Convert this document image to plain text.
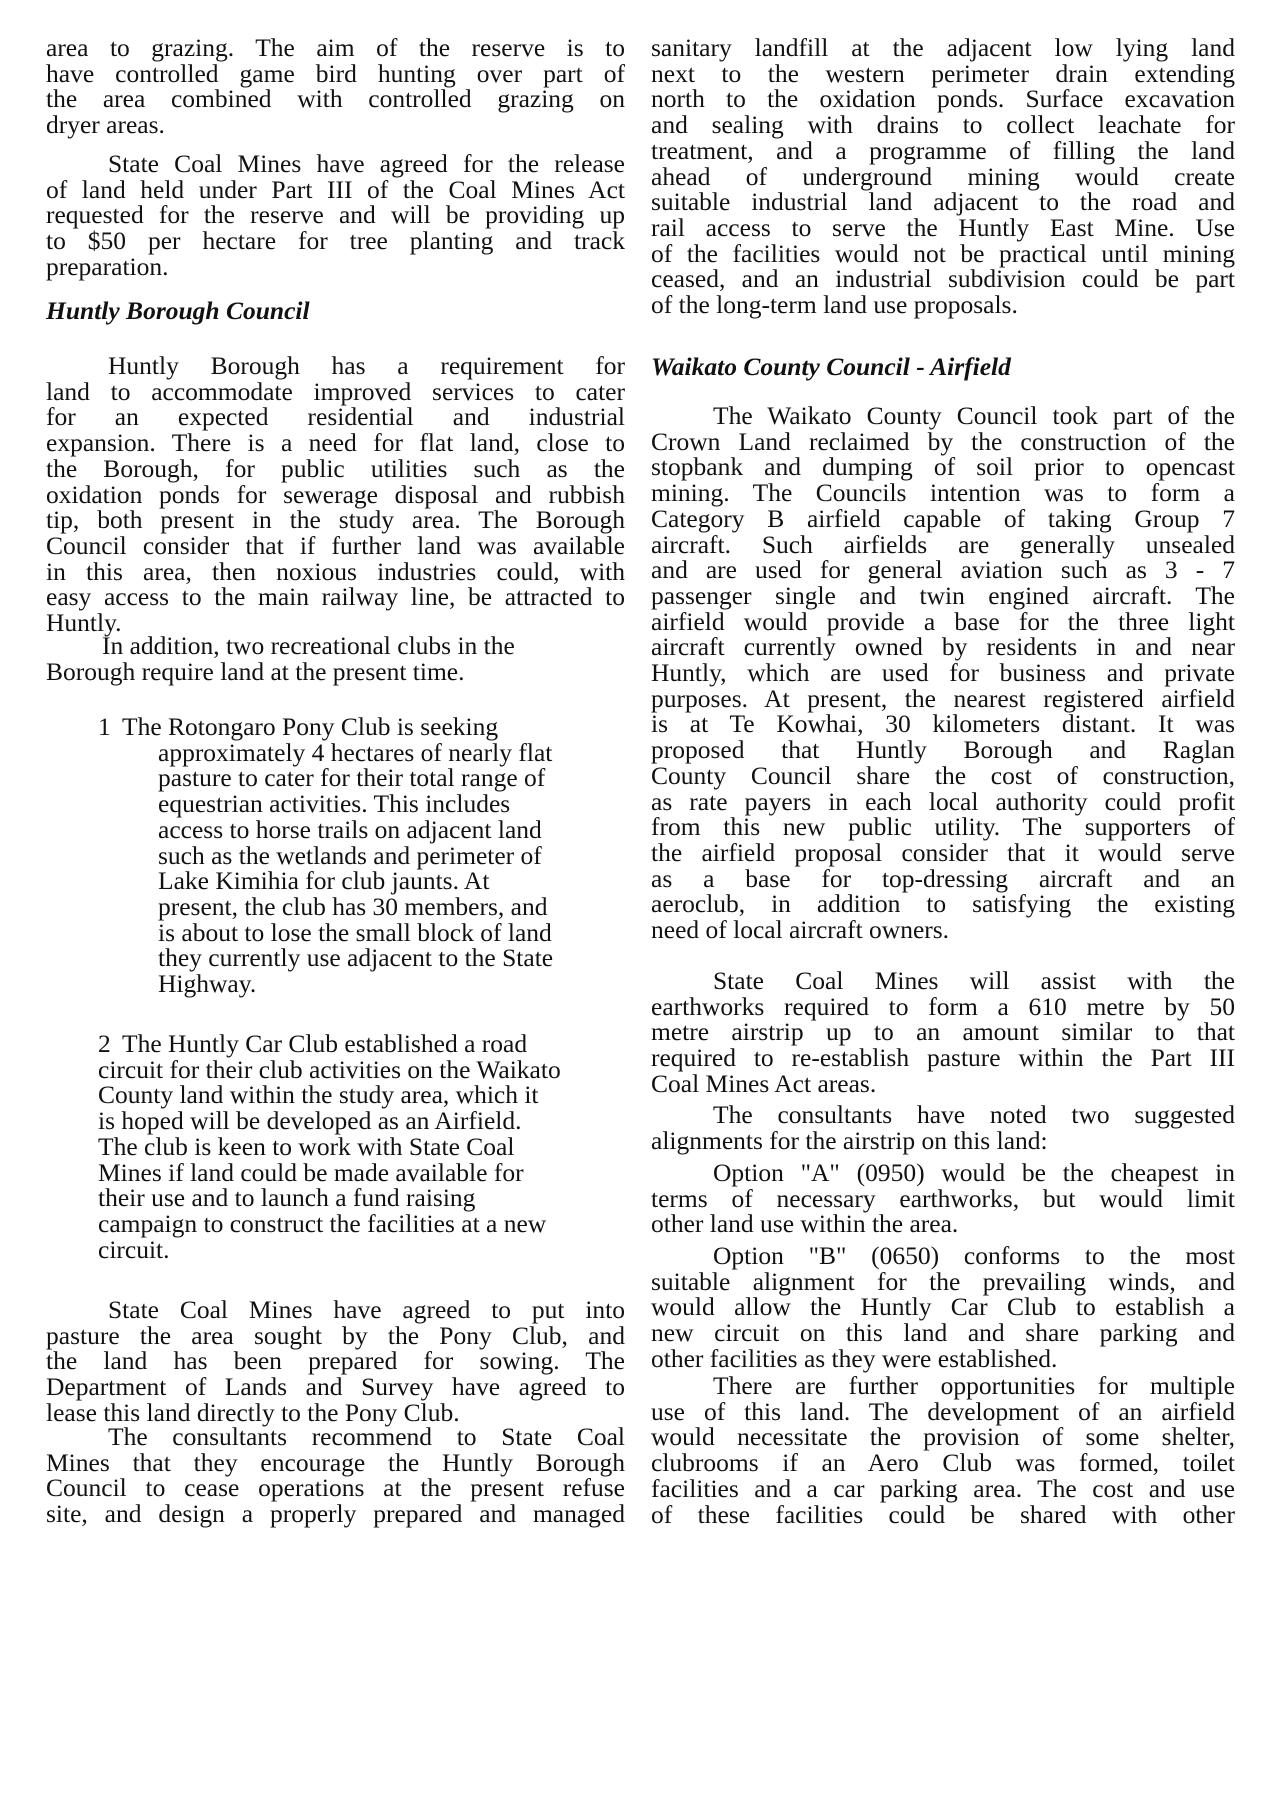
area to grazing. The aim of the reserve is to
have controlled game bird hunting over part of
the area combined with controlled grazing on
dryer areas.
State Coal Mines have agreed for the release
of land held under Part III of the Coal Mines Act
requested for the reserve and will be providing up
to $50 per hectare for tree planting and track
preparation.
Huntly Borough Council
Huntly Borough has a requirement for
land to accommodate improved services to cater
for an expected residential and industrial
expansion. There is a need for flat land, close to
the Borough, for public utilities such as the
oxidation ponds for sewerage disposal and rubbish
tip, both present in the study area. The Borough
Council consider that if further land was available
in this area, then noxious industries could, with
easy access to the main railway line, be attracted to
Huntly.
In addition, two recreational clubs in the
Borough require land at the present time.
1 The Rotongaro Pony Club is seeking
approximately 4 hectares of nearly flat
pasture to cater for their total range of
equestrian activities. This includes
access to horse trails on adjacent land
such as the wetlands and perimeter of
Lake Kimihia for club jaunts. At
present, the club has 30 members, and
is about to lose the small block of land
they currently use adjacent to the State
Highway.
2 The Huntly Car Club established a road
circuit for their club activities on the Waikato
County land within the study area, which it
is hoped will be developed as an Airfield.
The club is keen to work with State Coal
Mines if land could be made available for
their use and to launch a fund raising
campaign to construct the facilities at a new
circuit.
State Coal Mines have agreed to put into
pasture the area sought by the Pony Club, and
the land has been prepared for sowing. The
Department of Lands and Survey have agreed to
lease this land directly to the Pony Club.
The consultants recommend to State Coal
Mines that they encourage the Huntly Borough
Council to cease operations at the present refuse
site, and design a properly prepared and managed
sanitary landfill at the adjacent low lying land
next to the western perimeter drain extending
north to the oxidation ponds. Surface excavation
and sealing with drains to collect leachate for
treatment, and a programme of filling the land
ahead of underground mining would create
suitable industrial land adjacent to the road and
rail access to serve the Huntly East Mine. Use
of the facilities would not be practical until mining
ceased, and an industrial subdivision could be part
of the long-term land use proposals.
Waikato County Council - Airfield
The Waikato County Council took part of the
Crown Land reclaimed by the construction of the
stopbank and dumping of soil prior to opencast
mining. The Councils intention was to form a
Category B airfield capable of taking Group 7
aircraft. Such airfields are generally unsealed
and are used for general aviation such as 3 - 7
passenger single and twin engined aircraft. The
airfield would provide a base for the three light
aircraft currently owned by residents in and near
Huntly, which are used for business and private
purposes. At present, the nearest registered airfield
is at Te Kowhai, 30 kilometers distant. It was
proposed that Huntly Borough and Raglan
County Council share the cost of construction,
as rate payers in each local authority could profit
from this new public utility. The supporters of
the airfield proposal consider that it would serve
as a base for top-dressing aircraft and an
aeroclub, in addition to satisfying the existing
need of local aircraft owners.
State Coal Mines will assist with the
earthworks required to form a 610 metre by 50
metre airstrip up to an amount similar to that
required to re-establish pasture within the Part III
Coal Mines Act areas.
The consultants have noted two suggested
alignments for the airstrip on this land:
Option "A" (0950) would be the cheapest in
terms of necessary earthworks, but would limit
other land use within the area.
Option "B" (0650) conforms to the most
suitable alignment for the prevailing winds, and
would allow the Huntly Car Club to establish a
new circuit on this land and share parking and
other facilities as they were established.
There are further opportunities for multiple
use of this land. The development of an airfield
would necessitate the provision of some shelter,
clubrooms if an Aero Club was formed, toilet
facilities and a car parking area. The cost and use
of these facilities could be shared with other
